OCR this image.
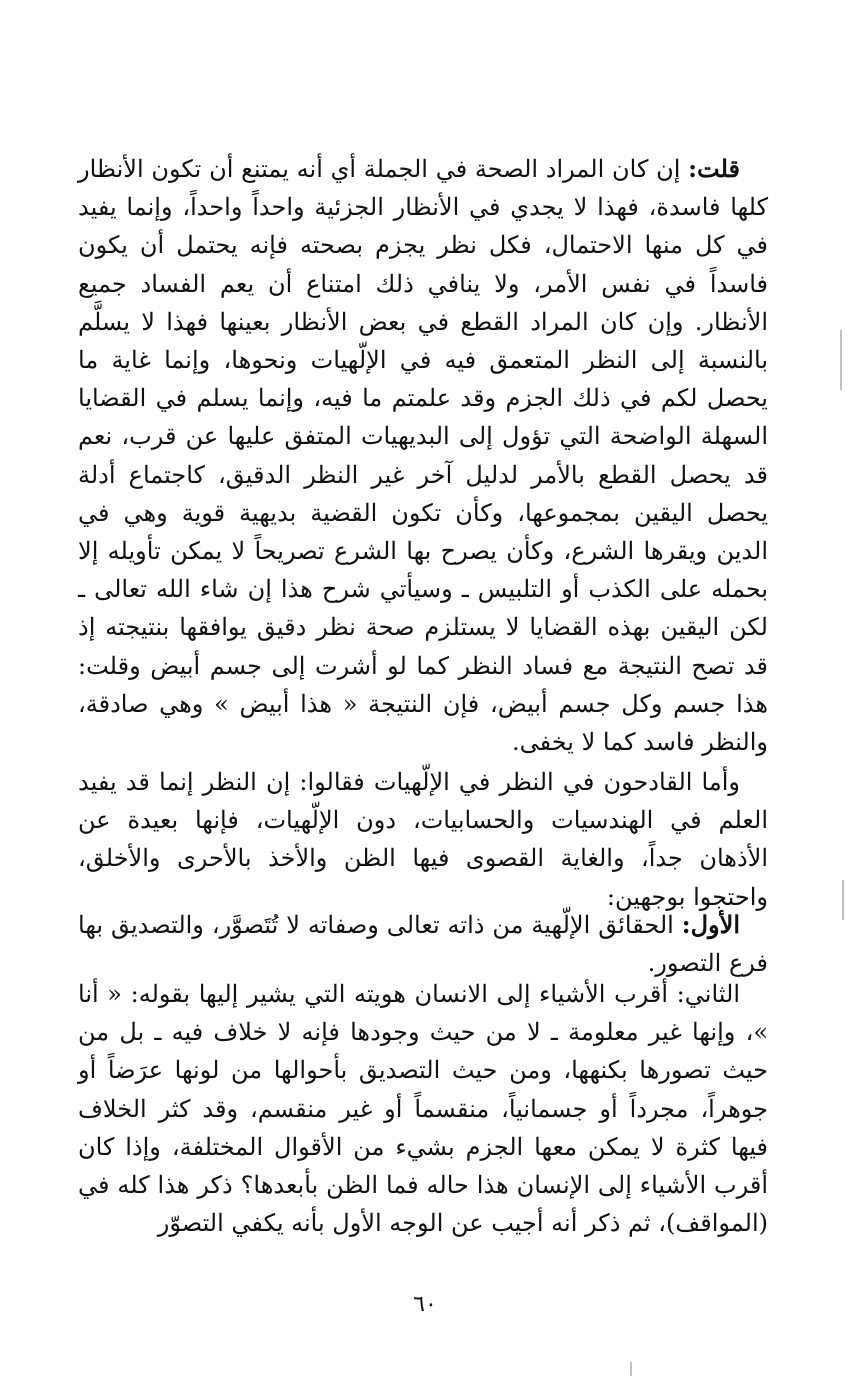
قلت: إن كان المراد الصحة في الجملة أي أنه يمتنع أن تكون الأنظار كلها فاسدة، فهذا لا يجدي في الأنظار الجزئية واحداً واحداً، وإنما يفيد في كل منها الاحتمال، فكل نظر يجزم بصحته فإنه يحتمل أن يكون فاسداً في نفس الأمر، ولا ينافي ذلك امتناع أن يعم الفساد جميع الأنظار. وإن كان المراد القطع في بعض الأنظار بعينها فهذا لا يسلَّم بالنسبة إلى النظر المتعمق فيه في الإلّهيات ونحوها، وإنما غاية ما يحصل لكم في ذلك الجزم وقد علمتم ما فيه، وإنما يسلم في القضايا السهلة الواضحة التي تؤول إلى البديهيات المتفق عليها عن قرب، نعم قد يحصل القطع بالأمر لدليل آخر غير النظر الدقيق، كاجتماع أدلة يحصل اليقين بمجموعها، وكأن تكون القضية بديهية قوية وهي في الدين ويقرها الشرع، وكأن يصرح بها الشرع تصريحاً لا يمكن تأويله إلا بحمله على الكذب أو التلبيس ـ وسيأتي شرح هذا إن شاء الله تعالى ـ لكن اليقين بهذه القضايا لا يستلزم صحة نظر دقيق يوافقها بنتيجته إذ قد تصح النتيجة مع فساد النظر كما لو أشرت إلى جسم أبيض وقلت: هذا جسم وكل جسم أبيض، فإن النتيجة « هذا أبيض » وهي صادقة، والنظر فاسد كما لا يخفى.

وأما القادحون في النظر في الإلّهيات فقالوا: إن النظر إنما قد يفيد العلم في الهندسيات والحسابيات، دون الإلّهيات، فإنها بعيدة عن الأذهان جداً، والغاية القصوى فيها الظن والأخذ بالأحرى والأخلق، واحتجوا بوجهين:

الأول: الحقائق الإلّهية من ذاته تعالى وصفاته لا تُتَصوَّر، والتصديق بها فرع التصور.

الثاني: أقرب الأشياء إلى الانسان هويته التي يشير إليها بقوله: « أنا »، وإنها غير معلومة ـ لا من حيث وجودها فإنه لا خلاف فيه ـ بل من حيث تصورها بكنهها، ومن حيث التصديق بأحوالها من لونها عرَضاً أو جوهراً، مجرداً أو جسمانياً، منقسماً أو غير منقسم، وقد كثر الخلاف فيها كثرة لا يمكن معها الجزم بشيء من الأقوال المختلفة، وإذا كان أقرب الأشياء إلى الإنسان هذا حاله فما الظن بأبعدها؟ ذكر هذا كله في (المواقف)، ثم ذكر أنه أجيب عن الوجه الأول بأنه يكفي التصوّر

٦٠
